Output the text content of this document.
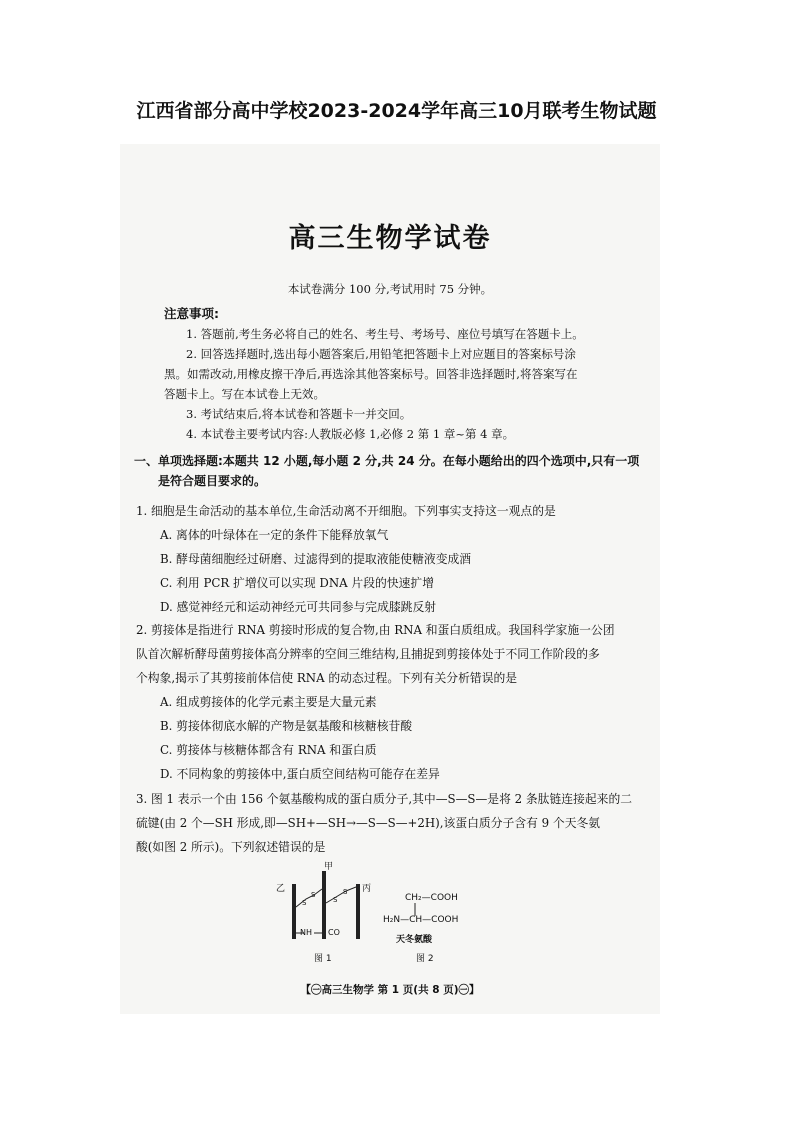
江西省部分高中学校2023-2024学年高三10月联考生物试题
高三生物学试卷
本试卷满分 100 分,考试用时 75 分钟。
注意事项:

1. 答题前,考生务必将自己的姓名、考生号、考场号、座位号填写在答题卡上。

2. 回答选择题时,选出每小题答案后,用铅笔把答题卡上对应题目的答案标号涂

黑。如需改动,用橡皮擦干净后,再选涂其他答案标号。回答非选择题时,将答案写在

答题卡上。写在本试卷上无效。

3. 考试结束后,将本试卷和答题卡一并交回。

4. 本试卷主要考试内容:人教版必修 1,必修 2 第 1 章~第 4 章。

一、单项选择题:本题共 12 小题,每小题 2 分,共 24 分。在每小题给出的四个选项中,只有一项
是符合题目要求的。

1. 细胞是生命活动的基本单位,生命活动离不开细胞。下列事实支持这一观点的是

A. 离体的叶绿体在一定的条件下能释放氧气

B. 酵母菌细胞经过研磨、过滤得到的提取液能使糖液变成酒

C. 利用 PCR 扩增仪可以实现 DNA 片段的快速扩增

D. 感觉神经元和运动神经元可共同参与完成膝跳反射

2. 剪接体是指进行 RNA 剪接时形成的复合物,由 RNA 和蛋白质组成。我国科学家施一公团

队首次解析酵母菌剪接体高分辨率的空间三维结构,且捕捉到剪接体处于不同工作阶段的多

个构象,揭示了其剪接前体信使 RNA 的动态过程。下列有关分析错误的是

A. 组成剪接体的化学元素主要是大量元素

B. 剪接体彻底水解的产物是氨基酸和核糖核苷酸

C. 剪接体与核糖体都含有 RNA 和蛋白质

D. 不同构象的剪接体中,蛋白质空间结构可能存在差异

3. 图 1 表示一个由 156 个氨基酸构成的蛋白质分子,其中—S—S—是将 2 条肽链连接起来的二

硫键(由 2 个—SH 形成,即—SH+—SH→—S—S—+2H),该蛋白质分子含有 9 个天冬氨

酸(如图 2 所示)。下列叙述错误的是

甲
乙	丙
S
S
S
S
NH CO
图 1
CH₂—COOH
H₂N—CH—COOH
天冬氨酸
图 2
【㊀高三生物学 第 1 页(共 8 页)㊀】
